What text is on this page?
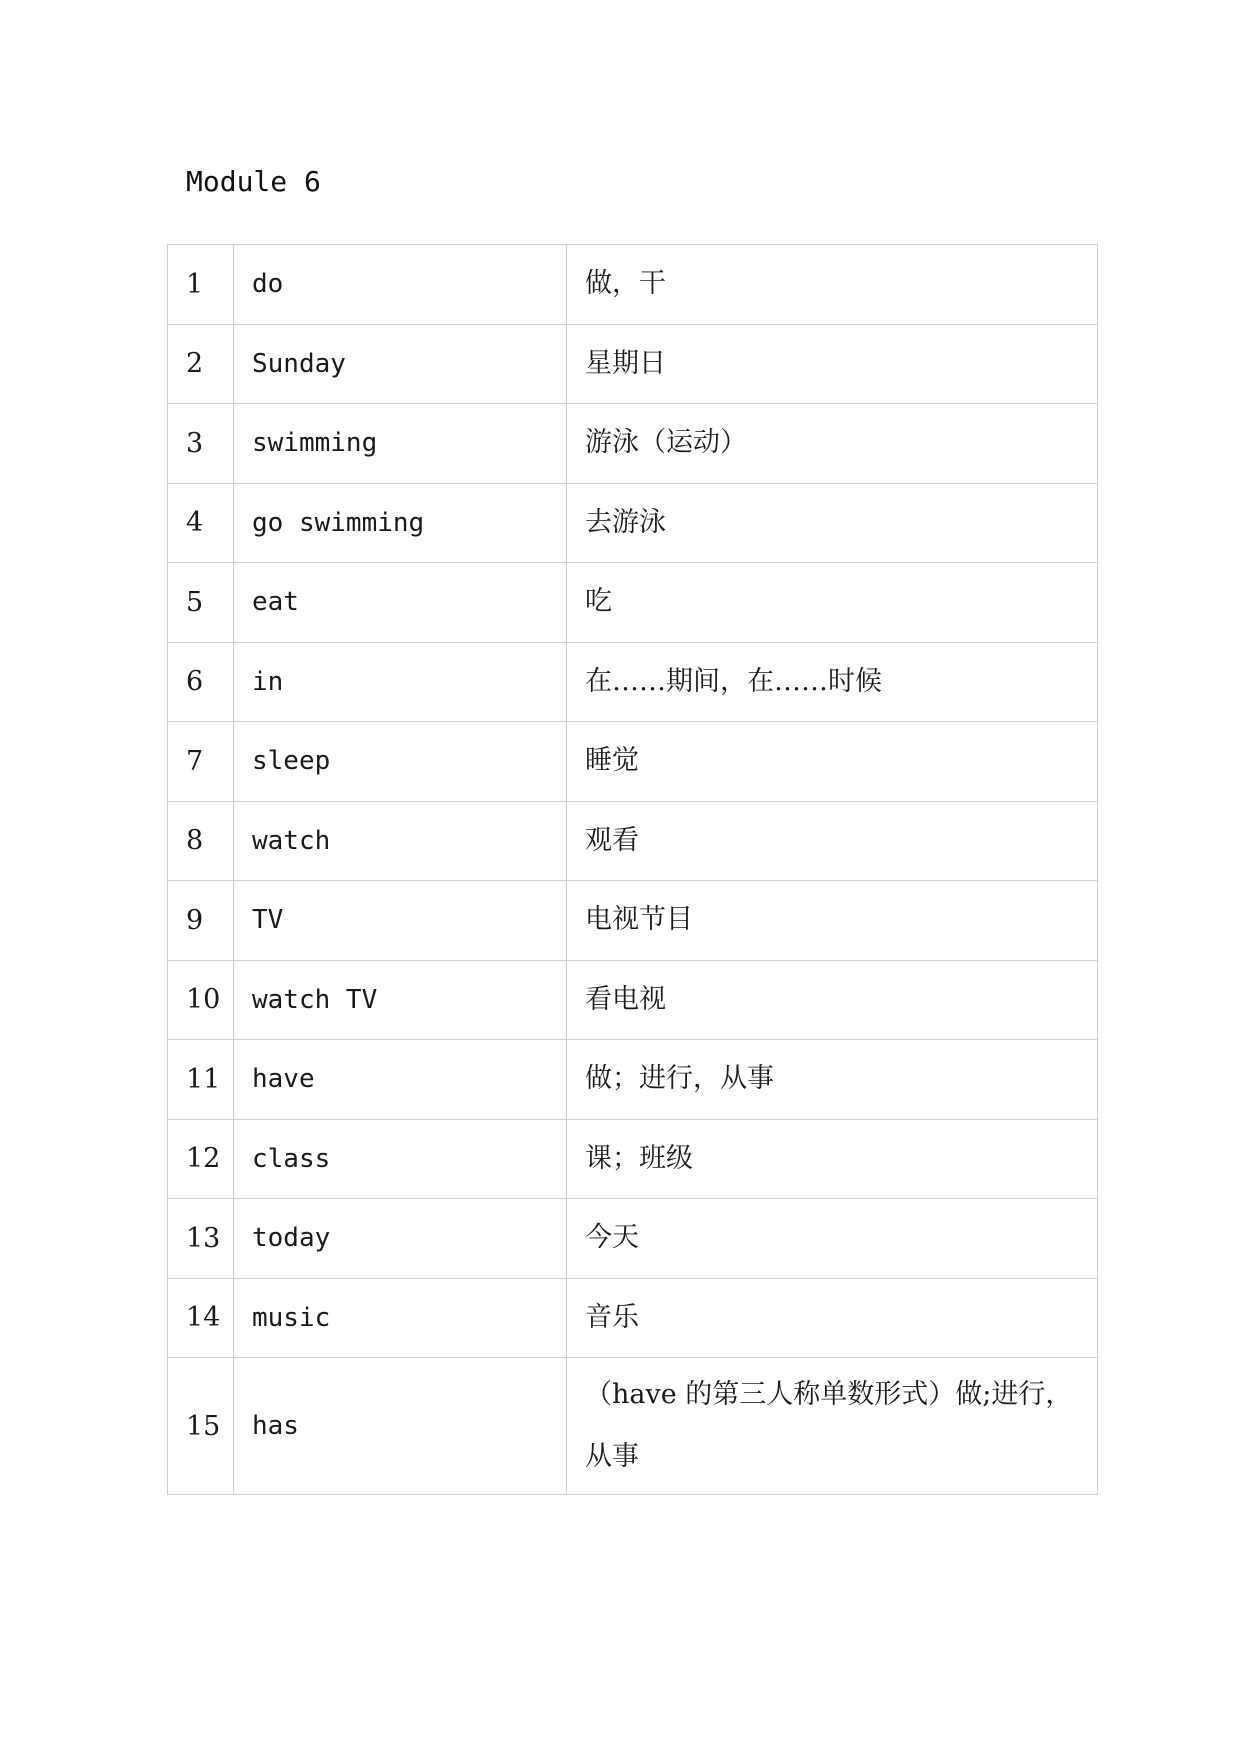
Module 6
1	do	做，干
2	Sunday	星期日
3	swimming	游泳（运动）
4	go swimming	去游泳
5	eat	吃
6	in	在……期间，在……时候
7	sleep	睡觉
8	watch	观看
9	TV	电视节目
10	watch TV	看电视
11	have	做；进行，从事
12	class	课；班级
13	today	今天
14	music	音乐
15	has	（have 的第三人称单数形式）做;进行，从事
